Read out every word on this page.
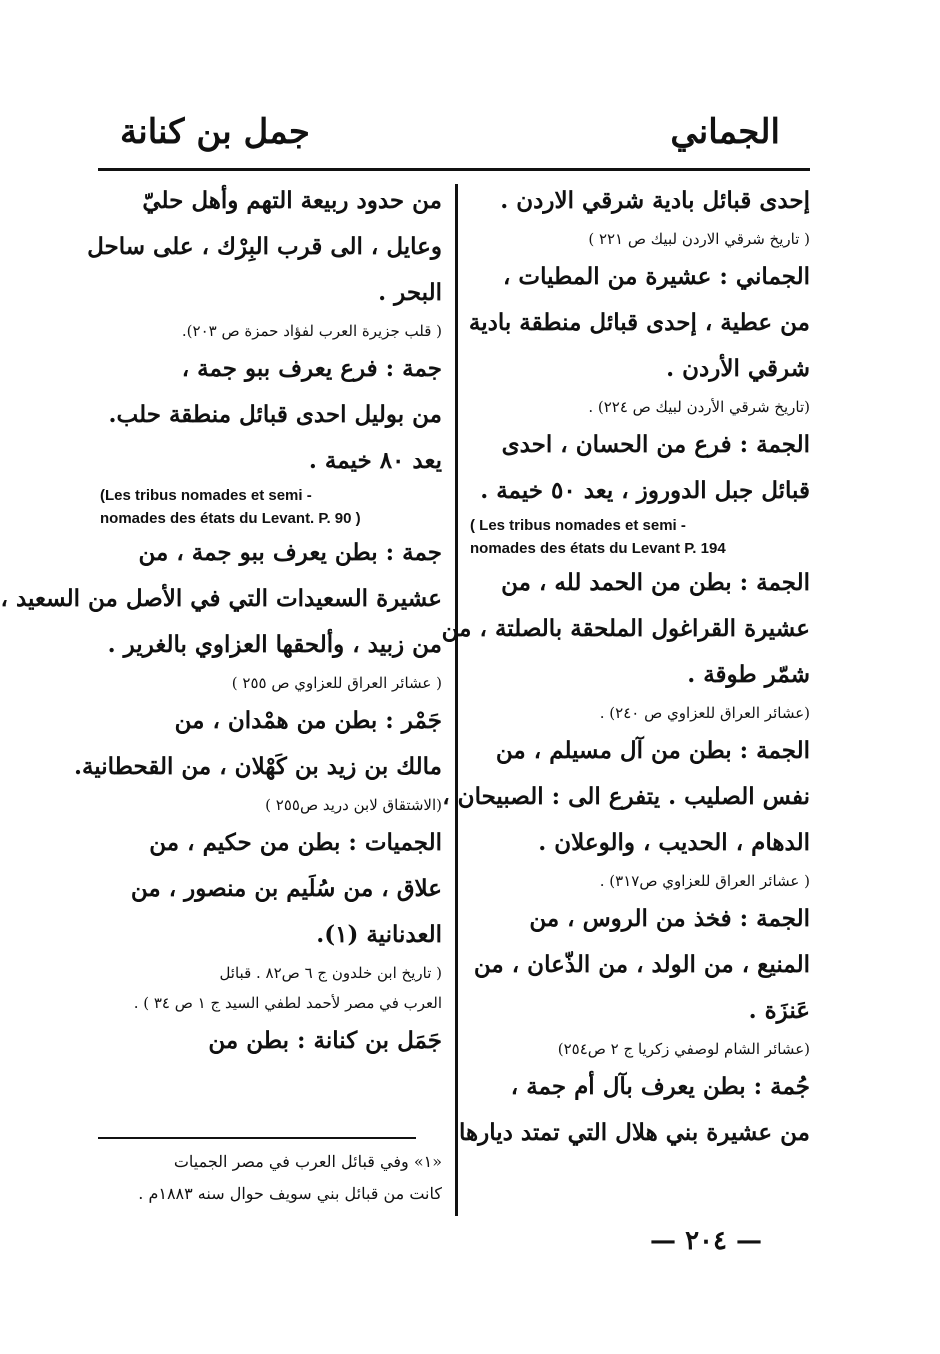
الجماني
جمل بن كنانة
إحدى قبائل بادية شرقي الاردن .
( تاريخ شرقي الاردن لبيك ص ٢٢١ )
الجماني : عشيرة من المطيات ،
من عطية ، إحدى قبائل منطقة بادية
شرقي الأردن .
(تاريخ شرقي الأردن لبيك ص ٢٢٤) .
الجمة : فرع من الحسان ، احدى
قبائل جبل الدوروز ، يعد ٥٠ خيمة .
( Les tribus nomades et semi -
nomades des états du Levant P. 194
الجمة : بطن من الحمد لله ، من
عشيرة القراغول الملحقة بالصلتة ، من
شمّر طوقة .
(عشائر العراق للعزاوي ص ٢٤٠) .
الجمة : بطن من آل مسيلم ، من
نفس الصليب . يتفرع الى : الصبيحان ،
الدهام ، الحديب ، والوعلان .
( عشائر العراق للعزاوي ص٣١٧) .
الجمة : فخذ من الروس ، من
المنيع ، من الولد ، من الذّعان ، من
عَنزَة .
(عشائر الشام لوصفي زكريا ج ٢ ص٢٥٤)
جُمة : بطن يعرف بآل أم جمة ،
من عشيرة بني هلال التي تمتد ديارها
من حدود ربيعة التهم وأهل حليّ
وعايل ، الى قرب البِرْك ، على ساحل
البحر .
( قلب جزيرة العرب لفؤاد حمزة ص ٢٠٣).
جمة : فرع يعرف ببو جمة ،
من بوليل احدى قبائل منطقة حلب.
يعد ٨٠ خيمة .
(Les tribus nomades et semi -
nomades des états du Levant. P. 90 )
جمة : بطن يعرف ببو جمة ، من
عشيرة السعيدات التي في الأصل من السعيد ،
من زبيد ، وألحقها العزاوي بالغرير .
( عشائر العراق للعزاوي ص ٢٥٥ )
جَمْر : بطن من همْدان ، من
مالك بن زيد بن كَهْلان ، من القحطانية.
(الاشتقاق لابن دريد ص٢٥٥ )
الجميات : بطن من حكيم ، من
علاق ، من سُلَيم بن منصور ، من
العدنانية (١).
( تاريخ ابن خلدون ج ٦ ص٨٢ . قبائل
العرب في مصر لأحمد لطفي السيد ج ١ ص ٣٤ ) .
جَمَل بن كنانة : بطن من
«١» وفي قبائل العرب في مصر الجميات
كانت من قبائل بني سويف حوال سنه ١٨٨٣م .
— ٢٠٤ —
